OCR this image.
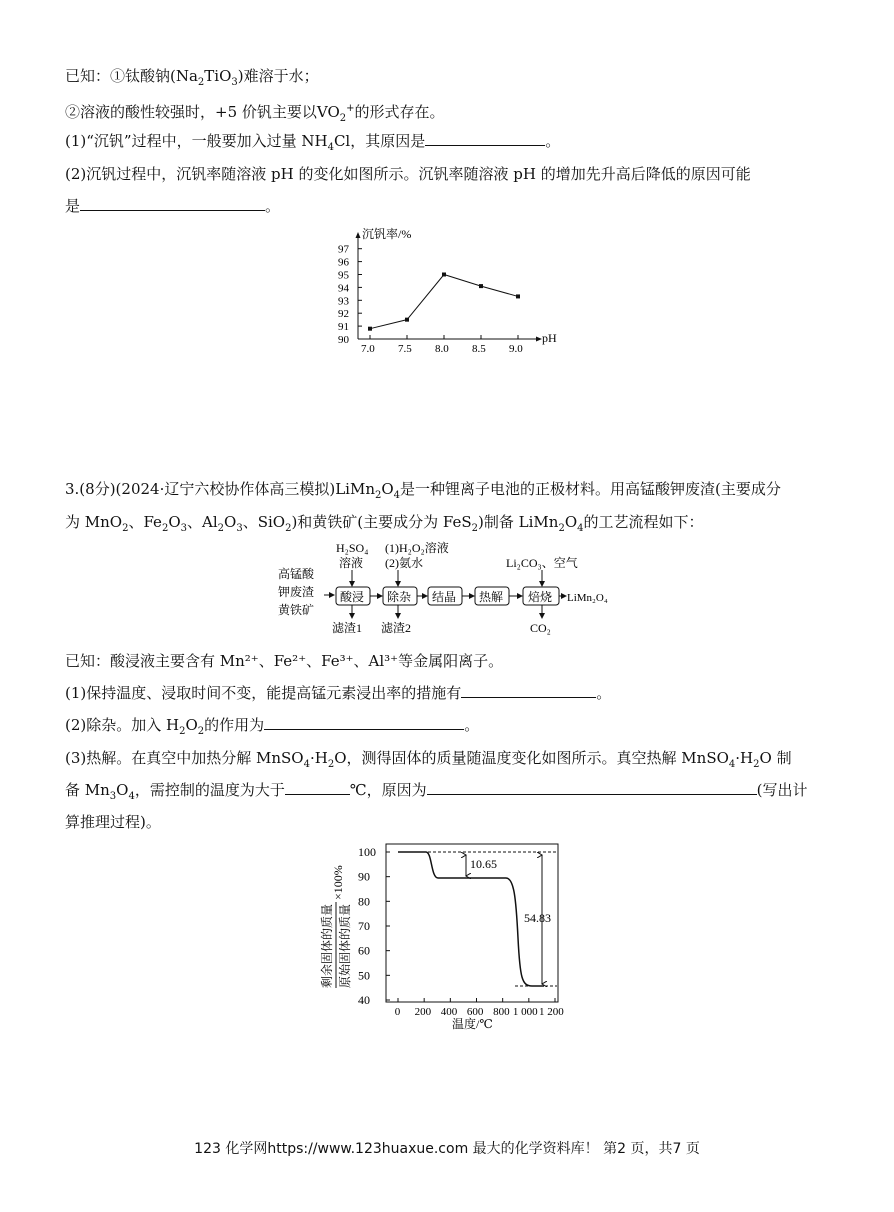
已知：①钛酸钠$(Na_2TiO_3)$难溶于水；
②溶液的酸性较强时，+5 价钒主要以$VO_2^+$的形式存在。
(1)“沉钒”过程中，一般要加入过量 $NH_4Cl$，其原因是	。
(2)沉钒过程中，沉钒率随溶液 pH 的变化如图所示。沉钒率随溶液 pH 的增加先升高后降低的原因可能
是	。
沉钒率/%
pH
90
91
92
93
94
95
96
97
7.0 7.5 8.0 8.5 9.0
3.(8分)(2024·辽宁六校协作体高三模拟)$LiMn_2O_4$是一种锂离子电池的正极材料。用高锰酸钾废渣(主要成分
为 MnO$_2$、$Fe_2O_3$、$Al_2O_3$、SiO$_2$)和黄铁矿(主要成分为 FeS$_2$)制备 $LiMn_2O_4$的工艺流程如下：
高锰酸
钾废渣
黄铁矿
H₂SO₄
溶液
(1)H₂O₂溶液
(2)氨水	Li₂CO₃、空气
酸浸 除杂 结晶 热解 焙烧 LiMn₂O₄
滤渣1 滤渣2	CO₂
已知：酸浸液主要含有 Mn²⁺、Fe²⁺、Fe³⁺、Al³⁺等金属阳离子。
(1)保持温度、浸取时间不变，能提高锰元素浸出率的措施有	。
(2)除杂。加入 $H_2O_2$的作用为	。
(3)热解。在真空中加热分解 $MnSO_4\cdot H_2O$，测得固体的质量随温度变化如图所示。真空热解 $MnSO_4\cdot H_2O$ 制
备 $Mn_3O_4$，需控制的温度为大于	℃，原因为	(写出计
算推理过程)。
剩余固体的质量 原始固体的质量
×100%
40
50
60
70
80
90
100
0 200 400 600 800 1 000 1 200
温度/℃
10.65
54.83
123 化学网https://www.123huaxue.com 最大的化学资料库！ 第2 页，共7 页
